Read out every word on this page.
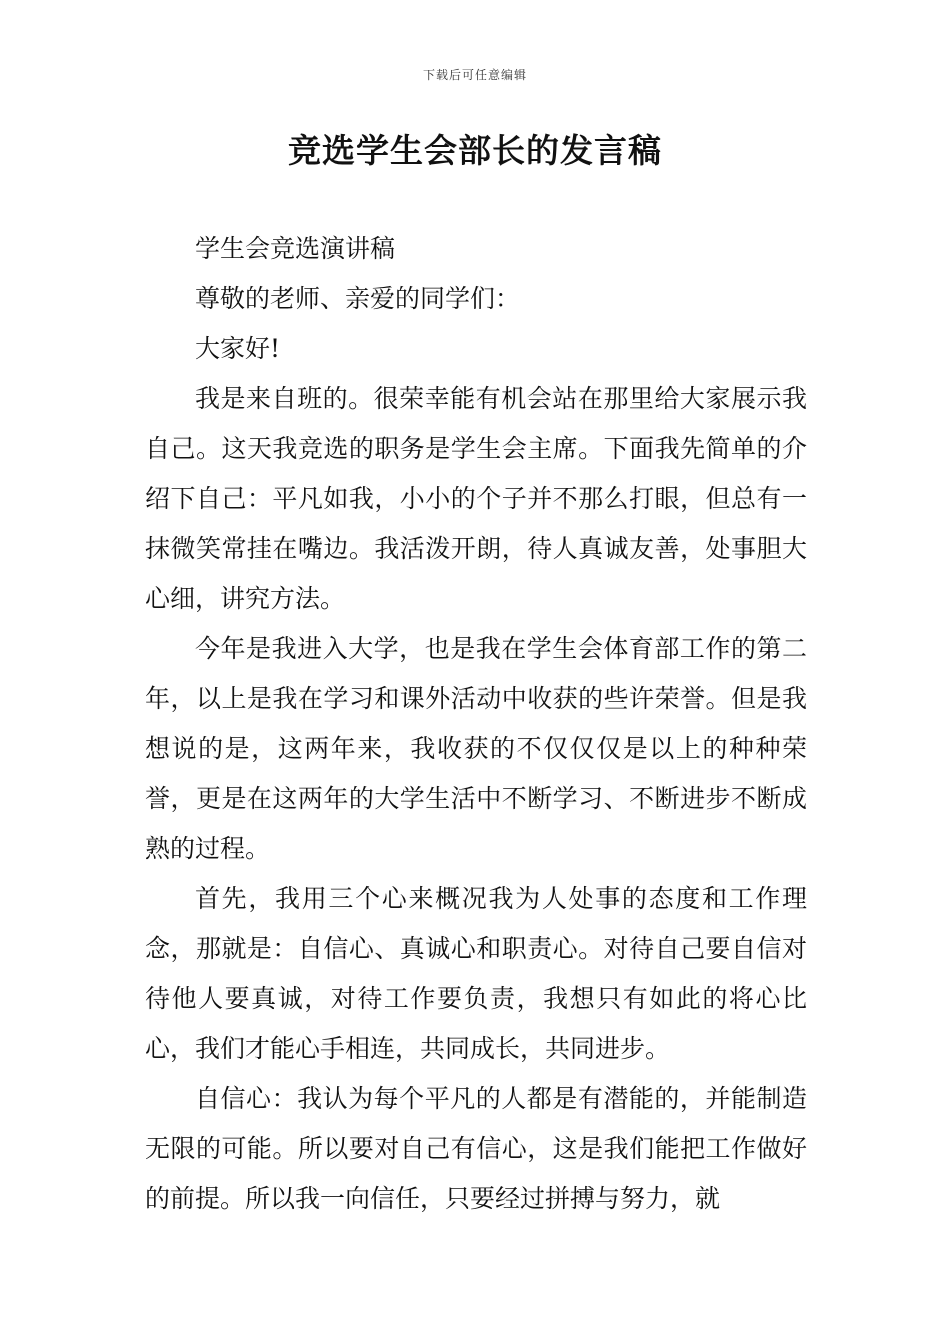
下载后可任意编辑
竞选学生会部长的发言稿

学生会竞选演讲稿

尊敬的老师、亲爱的同学们：

大家好!

我是来自班的。很荣幸能有机会站在那里给大家展示我自己。这天我竞选的职务是学生会主席。下面我先简单的介绍下自己：平凡如我，小小的个子并不那么打眼，但总有一抹微笑常挂在嘴边。我活泼开朗，待人真诚友善，处事胆大心细，讲究方法。

今年是我进入大学，也是我在学生会体育部工作的第二年，以上是我在学习和课外活动中收获的些许荣誉。但是我想说的是，这两年来，我收获的不仅仅仅是以上的种种荣誉，更是在这两年的大学生活中不断学习、不断进步不断成熟的过程。

首先，我用三个心来概况我为人处事的态度和工作理念，那就是：自信心、真诚心和职责心。对待自己要自信对待他人要真诚，对待工作要负责，我想只有如此的将心比心，我们才能心手相连，共同成长，共同进步。

自信心：我认为每个平凡的人都是有潜能的，并能制造无限的可能。所以要对自己有信心，这是我们能把工作做好的前提。所以我一向信任，只要经过拼搏与努力，就
